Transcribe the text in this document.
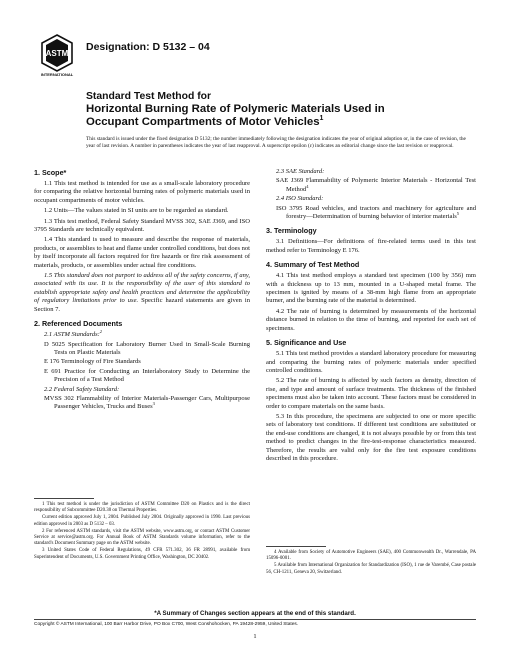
ASTM
INTERNATIONAL
Designation: D 5132 – 04
Standard Test Method for
Horizontal Burning Rate of Polymeric Materials Used in
Occupant Compartments of Motor Vehicles$^1$
This standard is issued under the fixed designation D 5132; the number immediately following the designation indicates the year of original adoption or, in the case of revision, the year of last revision. A number in parentheses indicates the year of last reapproval. A superscript epsilon (ε) indicates an editorial change since the last revision or reapproval.
1. Scope*

1.1 This test method is intended for use as a small-scale laboratory procedure for comparing the relative horizontal burning rates of polymeric materials used in occupant compartments of motor vehicles.

1.2 Units—The values stated in SI units are to be regarded as standard.

1.3 This test method, Federal Safety Standard MVSS 302, SAE J369, and ISO 3795 Standards are technically equivalent.

1.4 This standard is used to measure and describe the response of materials, products, or assemblies to heat and flame under controlled conditions, but does not by itself incorporate all factors required for fire hazards or fire risk assessment of materials, products, or assemblies under actual fire conditions.

1.5 This standard does not purport to address all of the safety concerns, if any, associated with its use. It is the responsibility of the user of this standard to establish appropriate safety and health practices and determine the applicability of regulatory limitations prior to use. Specific hazard statements are given in Section 7.

2. Referenced Documents
2.1 ASTM Standards:$^2$
D 5025 Specification for Laboratory Burner Used in Small-Scale Burning Tests on Plastic Materials
E 176 Terminology of Fire Standards
E 691 Practice for Conducting an Interlaboratory Study to Determine the Precision of a Test Method
2.2 Federal Safety Standard:
MVSS 302 Flammability of Interior Materials-Passenger Cars, Multipurpose Passenger Vehicles, Trucks and Buses$^3$
2.3 SAE Standard:
SAE J369 Flammability of Polymeric Interior Materials - Horizontal Test Method$^4$
2.4 ISO Standard:
ISO 3795 Road vehicles, and tractors and machinery for agriculture and forestry—Determination of burning behavior of interior materials$^5$
3. Terminology

3.1 Definitions—For definitions of fire-related terms used in this test method refer to Terminology E 176.

4. Summary of Test Method

4.1 This test method employs a standard test specimen (100 by 356) mm with a thickness up to 13 mm, mounted in a U-shaped metal frame. The specimen is ignited by means of a 38-mm high flame from an appropriate burner, and the burning rate of the material is determined.

4.2 The rate of burning is determined by measurements of the horizontal distance burned in relation to the time of burning, and reported for each set of specimens.

5. Significance and Use

5.1 This test method provides a standard laboratory procedure for measuring and comparing the burning rates of polymeric materials under specified controlled conditions.

5.2 The rate of burning is affected by such factors as density, direction of rise, and type and amount of surface treatments. The thickness of the finished specimens must also be taken into account. These factors must be considered in order to compare materials on the same basis.

5.3 In this procedure, the specimens are subjected to one or more specific sets of laboratory test conditions. If different test conditions are substituted or the end-use conditions are changed, it is not always possible by or from this test method to predict changes in the fire-test-response characteristics measured. Therefore, the results are valid only for the fire test exposure conditions described in this procedure.

1 This test method is under the jurisdiction of ASTM Committee D20 on Plastics and is the direct responsibility of Subcommittee D20.30 on Thermal Properties.

Current edition approved July 1, 2004. Published July 2004. Originally approved in 1990. Last previous edition approved in 2003 as D 5132 – 03.

2 For referenced ASTM standards, visit the ASTM website, www.astm.org, or contact ASTM Customer Service at service@astm.org. For Annual Book of ASTM Standards volume information, refer to the standard's Document Summary page on the ASTM website.

3 United States Code of Federal Regulations, 49 CFR 571.302, 36 FR 28991, available from Superintendent of Documents, U.S. Government Printing Office, Washington, DC 20402.

4 Available from Society of Automotive Engineers (SAE), 400 Commonwealth Dr., Warrendale, PA 15096-0001.

5 Available from International Organization for Standardization (ISO), 1 rue de Varembé, Case postale 56, CH-1211, Geneva 20, Switzerland.

*A Summary of Changes section appears at the end of this standard.
Copyright © ASTM International, 100 Barr Harbor Drive, PO Box C700, West Conshohocken, PA 19428-2959, United States.
1
